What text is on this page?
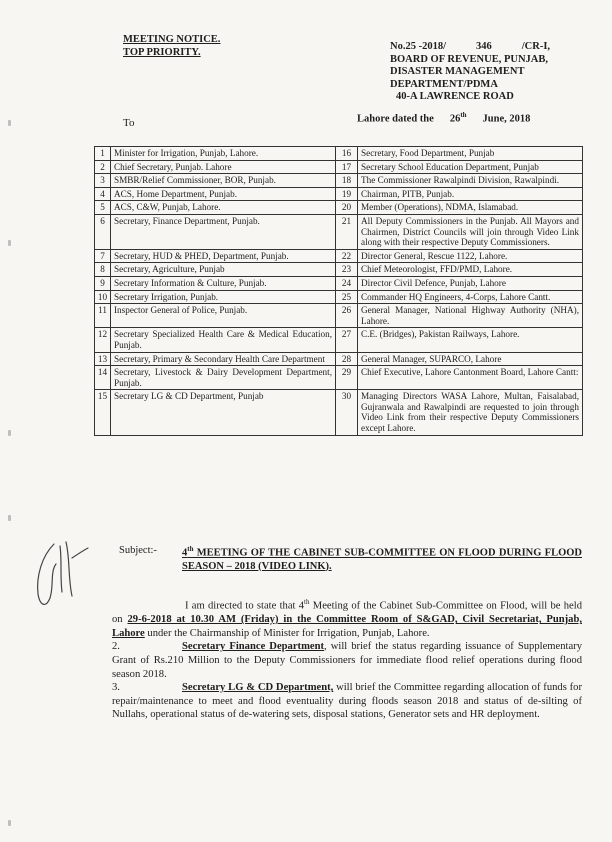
MEETING NOTICE.
TOP PRIORITY.	No.25 -2018/	346	/CR-I,
BOARD OF REVENUE, PUNJAB,
DISASTER MANAGEMENT
DEPARTMENT/PDMA
40-A LAWRENCE ROAD
Lahore dated the 26th June, 2018
To
1	Minister for Irrigation, Punjab, Lahore.	16	Secretary, Food Department, Punjab
2	Chief Secretary, Punjab. Lahore	17	Secretary School Education Department, Punjab
3	SMBR/Relief Commissioner, BOR, Punjab.	18	The Commissioner Rawalpindi Division, Rawalpindi.
4	ACS, Home Department, Punjab.	19	Chairman, PITB, Punjab.
5	ACS, C&W, Punjab, Lahore.	20	Member (Operations), NDMA, Islamabad.
6	Secretary, Finance Department, Punjab.	21	All Deputy Commissioners in the Punjab. All Mayors and Chairmen, District Councils will join through Video Link along with their respective Deputy Commissioners.
7	Secretary, HUD & PHED, Department, Punjab.	22	Director General, Rescue 1122, Lahore.
8	Secretary, Agriculture, Punjab	23	Chief Meteorologist, FFD/PMD, Lahore.
9	Secretary Information & Culture, Punjab.	24	Director Civil Defence, Punjab, Lahore
10	Secretary Irrigation, Punjab.	25	Commander HQ Engineers, 4-Corps, Lahore Cantt.
11	Inspector General of Police, Punjab.	26	General Manager, National Highway Authority (NHA), Lahore.
12	Secretary Specialized Health Care & Medical Education, Punjab.	27	C.E. (Bridges), Pakistan Railways, Lahore.
13	Secretary, Primary & Secondary Health Care Department	28	General Manager, SUPARCO, Lahore
14	Secretary, Livestock & Dairy Development Department, Punjab.	29	Chief Executive, Lahore Cantonment Board, Lahore Cantt:
15	Secretary LG & CD Department, Punjab	30	Managing Directors WASA Lahore, Multan, Faisalabad, Gujranwala and Rawalpindi are requested to join through Video Link from their respective Deputy Commissioners except Lahore.
Subject:- 4th MEETING OF THE CABINET SUB-COMMITTEE ON FLOOD DURING FLOOD SEASON – 2018 (VIDEO LINK).

I am directed to state that 4th Meeting of the Cabinet Sub-Committee on Flood, will be held on 29-6-2018 at 10.30 AM (Friday) in the Committee Room of S&GAD, Civil Secretariat, Punjab, Lahore under the Chairmanship of Minister for Irrigation, Punjab, Lahore.

2.	Secretary Finance Department, will brief the status regarding issuance of Supplementary Grant of Rs.210 Million to the Deputy Commissioners for immediate flood relief operations during flood season 2018.

3.	Secretary LG & CD Department, will brief the Committee regarding allocation of funds for repair/maintenance to meet and flood eventuality during floods season 2018 and status of de-silting of Nullahs, operational status of de-watering sets, disposal stations, Generator sets and HR deployment.
